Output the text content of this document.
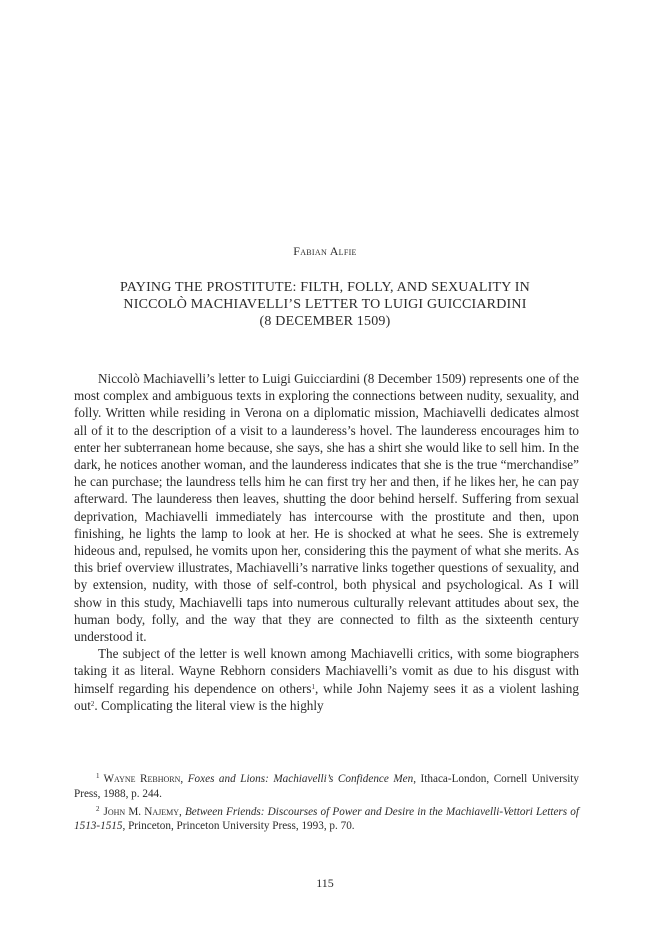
Fabian Alfie
PAYING THE PROSTITUTE: FILTH, FOLLY, AND SEXUALITY IN
NICCOLÒ MACHIAVELLI’S LETTER TO LUIGI GUICCIARDINI
(8 DECEMBER 1509)

Niccolò Machiavelli’s letter to Luigi Guicciardini (8 December 1509) represents one of the most complex and ambiguous texts in exploring the connections between nudity, sexuality, and folly. Written while residing in Verona on a diplomatic mission, Machiavelli dedicates almost all of it to the description of a visit to a launderess’s hovel. The launderess encourages him to enter her subterranean home because, she says, she has a shirt she would like to sell him. In the dark, he notices another woman, and the launderess indicates that she is the true “merchandise” he can purchase; the laundress tells him he can first try her and then, if he likes her, he can pay afterward. The launderess then leaves, shutting the door behind herself. Suffering from sexual deprivation, Machiavelli immediately has intercourse with the prostitute and then, upon finishing, he lights the lamp to look at her. He is shocked at what he sees. She is extremely hideous and, repulsed, he vomits upon her, considering this the payment of what she merits. As this brief overview illustrates, Machiavelli’s narrative links together questions of sexuality, and by extension, nudity, with those of self-control, both physical and psychological. As I will show in this study, Machiavelli taps into numerous culturally relevant attitudes about sex, the human body, folly, and the way that they are connected to filth as the sixteenth century understood it.

The subject of the letter is well known among Machiavelli critics, with some biographers taking it as literal. Wayne Rebhorn considers Machiavelli’s vomit as due to his disgust with himself regarding his dependence on others$^1$, while John Najemy sees it as a violent lashing out$^2$. Complicating the literal view is the highly

$^1$ Wayne Rebhorn, Foxes and Lions: Machiavelli’s Confidence Men, Ithaca-London, Cornell University Press, 1988, p. 244.

$^2$ John M. Najemy, Between Friends: Discourses of Power and Desire in the Machiavelli-Vettori Letters of 1513-1515, Princeton, Princeton University Press, 1993, p. 70.

115
